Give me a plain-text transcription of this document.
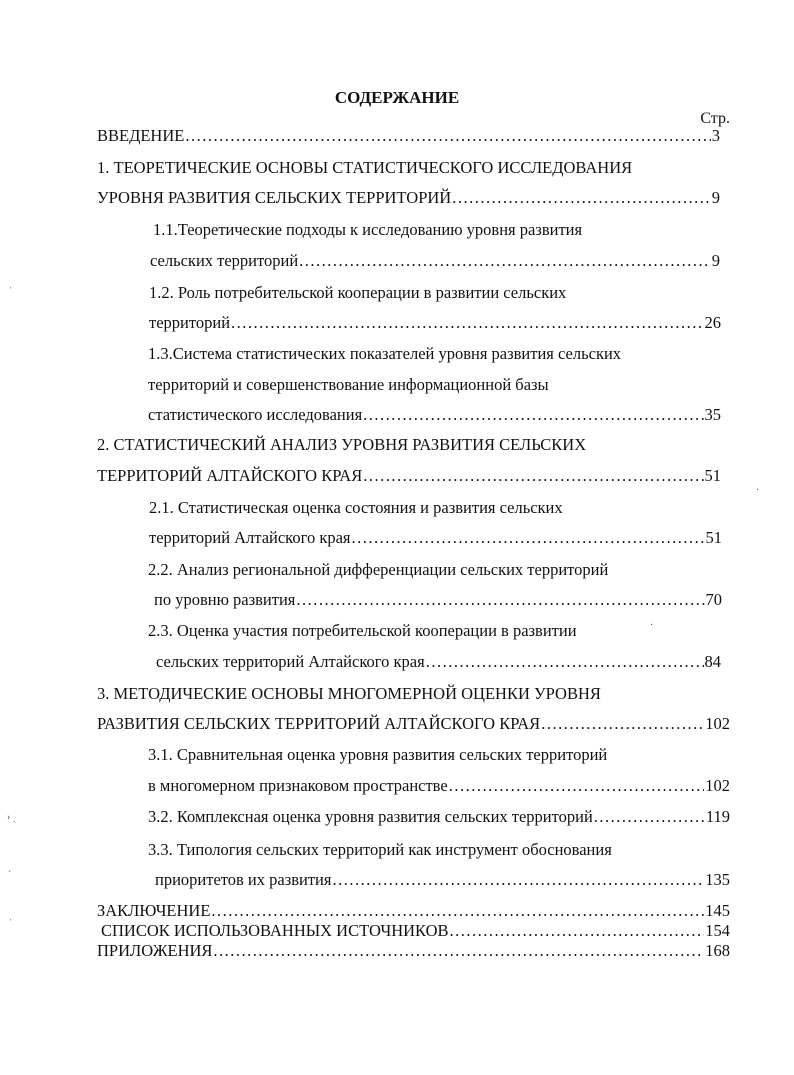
СОДЕРЖАНИЕ
Стр.
ВВЕДЕНИЕ .....	3
1. ТЕОРЕТИЧЕСКИЕ ОСНОВЫ СТАТИСТИЧЕСКОГО ИССЛЕДОВАНИЯ
УРОВНЯ РАЗВИТИЯ СЕЛЬСКИХ ТЕРРИТОРИЙ .....	9
1.1.Теоретические подходы к исследованию уровня развития
сельских территорий .....	9
1.2. Роль потребительской кооперации в развитии сельских
территорий .....	26
1.3.Система статистических показателей уровня развития сельских
территорий и совершенствование информационной базы
статистического исследования .....	35
2. СТАТИСТИЧЕСКИЙ АНАЛИЗ УРОВНЯ РАЗВИТИЯ СЕЛЬСКИХ
ТЕРРИТОРИЙ АЛТАЙСКОГО КРАЯ .....	51
2.1. Статистическая оценка состояния и развития сельских
территорий Алтайского края .....	51
2.2. Анализ региональной дифференциации сельских территорий
по уровню развития .....	70
2.3. Оценка участия потребительской кооперации в развитии
сельских территорий Алтайского края .....	84
3. МЕТОДИЧЕСКИЕ ОСНОВЫ МНОГОМЕРНОЙ ОЦЕНКИ УРОВНЯ
РАЗВИТИЯ СЕЛЬСКИХ ТЕРРИТОРИЙ АЛТАЙСКОГО КРАЯ .....	102
3.1. Сравнительная оценка уровня развития сельских территорий
в многомерном признаковом пространстве .....	102
3.2. Комплексная оценка уровня развития сельских территорий .....	119
3.3. Типология сельских территорий как инструмент обоснования
приоритетов их развития .....	135
ЗАКЛЮЧЕНИЕ .....	145
СПИСОК ИСПОЛЬЗОВАННЫХ ИСТОЧНИКОВ .....	154
ПРИЛОЖЕНИЯ .....	168
ˌ
› ˎ
ˊ
ˌ
·
·
